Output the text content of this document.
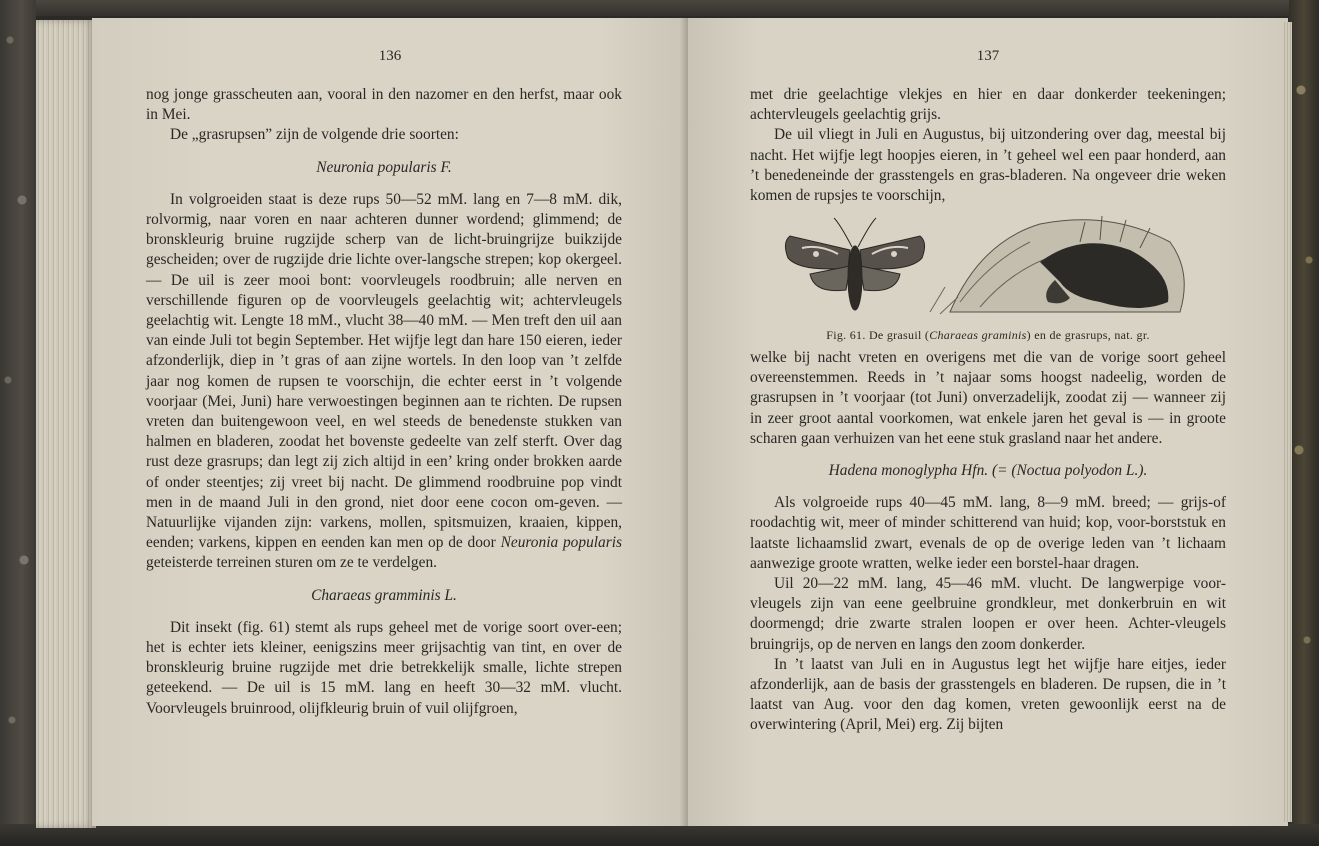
136

nog jonge grasscheuten aan, vooral in den nazomer en den herfst, maar ook in Mei.

De „grasrupsen” zijn de volgende drie soorten:

Neuronia popularis F.

In volgroeiden staat is deze rups 50—52 mM. lang en 7—8 mM. dik, rolvormig, naar voren en naar achteren dunner wordend; glimmend; de bronskleurig bruine rugzijde scherp van de licht-bruingrijze buikzijde gescheiden; over de rugzijde drie lichte over-langsche strepen; kop okergeel. — De uil is zeer mooi bont: voorvleugels roodbruin; alle nerven en verschillende figuren op de voorvleugels geelachtig wit; achtervleugels geelachtig wit. Lengte 18 mM., vlucht 38—40 mM. — Men treft den uil aan van einde Juli tot begin September. Het wijfje legt dan hare 150 eieren, ieder afzonderlijk, diep in ’t gras of aan zijne wortels. In den loop van ’t zelfde jaar nog komen de rupsen te voorschijn, die echter eerst in ’t volgende voorjaar (Mei, Juni) hare verwoestingen beginnen aan te richten. De rupsen vreten dan buitengewoon veel, en wel steeds de benedenste stukken van halmen en bladeren, zoodat het bovenste gedeelte van zelf sterft. Over dag rust deze grasrups; dan legt zij zich altijd in een’ kring onder brokken aarde of onder steentjes; zij vreet bij nacht. De glimmend roodbruine pop vindt men in de maand Juli in den grond, niet door eene cocon om-geven. — Natuurlijke vijanden zijn: varkens, mollen, spitsmuizen, kraaien, kippen, eenden; varkens, kippen en eenden kan men op de door Neuronia popularis geteisterde terreinen sturen om ze te verdelgen.

Charaeas gramminis L.

Dit insekt (fig. 61) stemt als rups geheel met de vorige soort over-een; het is echter iets kleiner, eenigszins meer grijsachtig van tint, en over de bronskleurig bruine rugzijde met drie betrekkelijk smalle, lichte strepen geteekend. — De uil is 15 mM. lang en heeft 30—32 mM. vlucht. Voorvleugels bruinrood, olijfkleurig bruin of vuil olijfgroen,

137

met drie geelachtige vlekjes en hier en daar donkerder teekeningen; achtervleugels geelachtig grijs.

De uil vliegt in Juli en Augustus, bij uitzondering over dag, meestal bij nacht. Het wijfje legt hoopjes eieren, in ’t geheel wel een paar honderd, aan ’t benedeneinde der grasstengels en gras-bladeren. Na ongeveer drie weken komen de rupsjes te voorschijn,

Fig. 61. De grasuil (Charaeas graminis) en de grasrups, nat. gr.

welke bij nacht vreten en overigens met die van de vorige soort geheel overeenstemmen. Reeds in ’t najaar soms hoogst nadeelig, worden de grasrupsen in ’t voorjaar (tot Juni) onverzadelijk, zoodat zij — wanneer zij in zeer groot aantal voorkomen, wat enkele jaren het geval is — in groote scharen gaan verhuizen van het eene stuk grasland naar het andere.

Hadena monoglypha Hfn. (= (Noctua polyodon L.).

Als volgroeide rups 40—45 mM. lang, 8—9 mM. breed; — grijs-of roodachtig wit, meer of minder schitterend van huid; kop, voor-borststuk en laatste lichaamslid zwart, evenals de op de overige leden van ’t lichaam aanwezige groote wratten, welke ieder een borstel-haar dragen.

Uil 20—22 mM. lang, 45—46 mM. vlucht. De langwerpige voor-vleugels zijn van eene geelbruine grondkleur, met donkerbruin en wit doormengd; drie zwarte stralen loopen er over heen. Achter-vleugels bruingrijs, op de nerven en langs den zoom donkerder.

In ’t laatst van Juli en in Augustus legt het wijfje hare eitjes, ieder afzonderlijk, aan de basis der grasstengels en bladeren. De rupsen, die in ’t laatst van Aug. voor den dag komen, vreten gewoonlijk eerst na de overwintering (April, Mei) erg. Zij bijten
